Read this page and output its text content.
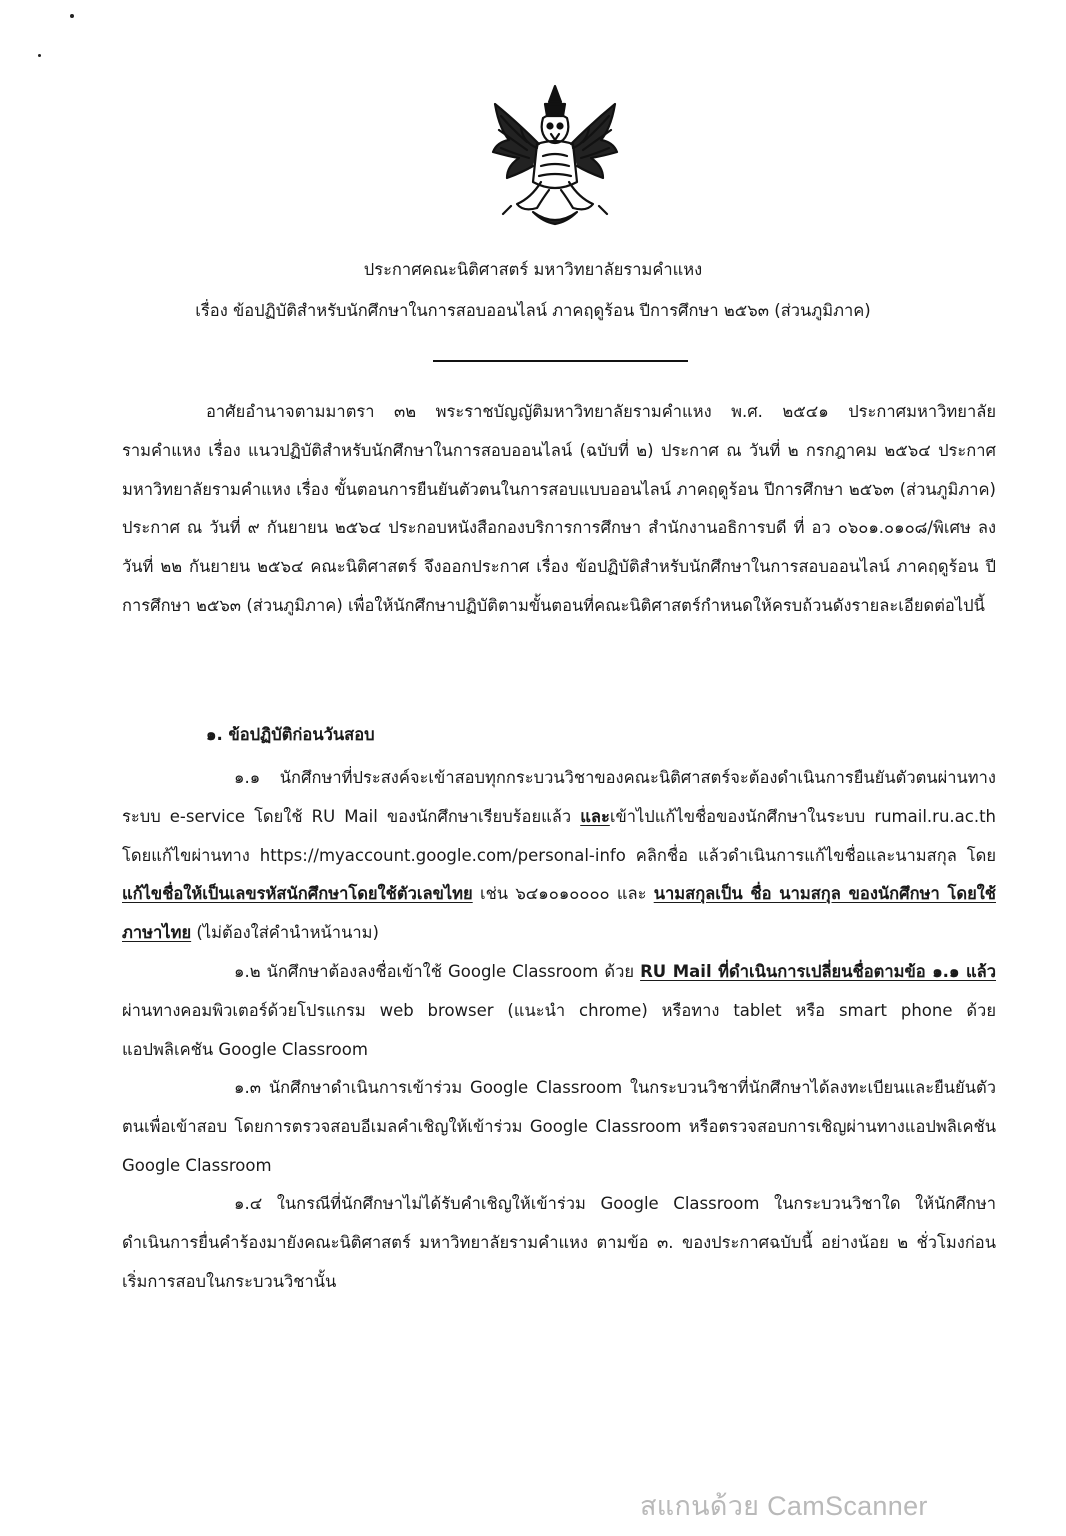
ประกาศคณะนิติศาสตร์ มหาวิทยาลัยรามคำแหง
เรื่อง ข้อปฏิบัติสำหรับนักศึกษาในการสอบออนไลน์ ภาคฤดูร้อน ปีการศึกษา ๒๕๖๓ (ส่วนภูมิภาค)
อาศัยอำนาจตามมาตรา ๓๒ พระราชบัญญัติมหาวิทยาลัยรามคำแหง พ.ศ. ๒๕๔๑ ประกาศมหาวิทยาลัยรามคำแหง เรื่อง แนวปฏิบัติสำหรับนักศึกษาในการสอบออนไลน์ (ฉบับที่ ๒) ประกาศ ณ วันที่ ๒ กรกฎาคม ๒๕๖๔ ประกาศมหาวิทยาลัยรามคำแหง เรื่อง ขั้นตอนการยืนยันตัวตนในการสอบแบบออนไลน์ ภาคฤดูร้อน ปีการศึกษา ๒๕๖๓ (ส่วนภูมิภาค) ประกาศ ณ วันที่ ๙ กันยายน ๒๕๖๔ ประกอบหนังสือกองบริการการศึกษา สำนักงานอธิการบดี ที่ อว ๐๖๐๑.๐๑๐๘/พิเศษ ลงวันที่ ๒๒ กันยายน ๒๕๖๔ คณะนิติศาสตร์ จึงออกประกาศ เรื่อง ข้อปฏิบัติสำหรับนักศึกษาในการสอบออนไลน์ ภาคฤดูร้อน ปีการศึกษา ๒๕๖๓ (ส่วนภูมิภาค) เพื่อให้นักศึกษาปฏิบัติตามขั้นตอนที่คณะนิติศาสตร์กำหนดให้ครบถ้วนดังรายละเอียดต่อไปนี้
๑. ข้อปฏิบัติก่อนวันสอบ
๑.๑ นักศึกษาที่ประสงค์จะเข้าสอบทุกกระบวนวิชาของคณะนิติศาสตร์จะต้องดำเนินการยืนยันตัวตนผ่านทางระบบ e-service โดยใช้ RU Mail ของนักศึกษาเรียบร้อยแล้ว และเข้าไปแก้ไขชื่อของนักศึกษาในระบบ rumail.ru.ac.th โดยแก้ไขผ่านทาง https://myaccount.google.com/personal-info คลิกชื่อ แล้วดำเนินการแก้ไขชื่อและนามสกุล โดยแก้ไขชื่อให้เป็นเลขรหัสนักศึกษาโดยใช้ตัวเลขไทย เช่น ๖๔๑๐๑๐๐๐๐ และ นามสกุลเป็น ชื่อ นามสกุล ของนักศึกษา โดยใช้ภาษาไทย (ไม่ต้องใส่คำนำหน้านาม)
๑.๒ นักศึกษาต้องลงชื่อเข้าใช้ Google Classroom ด้วย RU Mail ที่ดำเนินการเปลี่ยนชื่อตามข้อ ๑.๑ แล้วผ่านทางคอมพิวเตอร์ด้วยโปรแกรม web browser (แนะนำ chrome) หรือทาง tablet หรือ smart phone ด้วยแอปพลิเคชัน Google Classroom
๑.๓ นักศึกษาดำเนินการเข้าร่วม Google Classroom ในกระบวนวิชาที่นักศึกษาได้ลงทะเบียนและยืนยันตัวตนเพื่อเข้าสอบ โดยการตรวจสอบอีเมลคำเชิญให้เข้าร่วม Google Classroom หรือตรวจสอบการเชิญผ่านทางแอปพลิเคชัน Google Classroom
๑.๔ ในกรณีที่นักศึกษาไม่ได้รับคำเชิญให้เข้าร่วม Google Classroom ในกระบวนวิชาใด ให้นักศึกษาดำเนินการยื่นคำร้องมายังคณะนิติศาสตร์ มหาวิทยาลัยรามคำแหง ตามข้อ ๓. ของประกาศฉบับนี้ อย่างน้อย ๒ ชั่วโมงก่อนเริ่มการสอบในกระบวนวิชานั้น
สแกนด้วย CamScanner
